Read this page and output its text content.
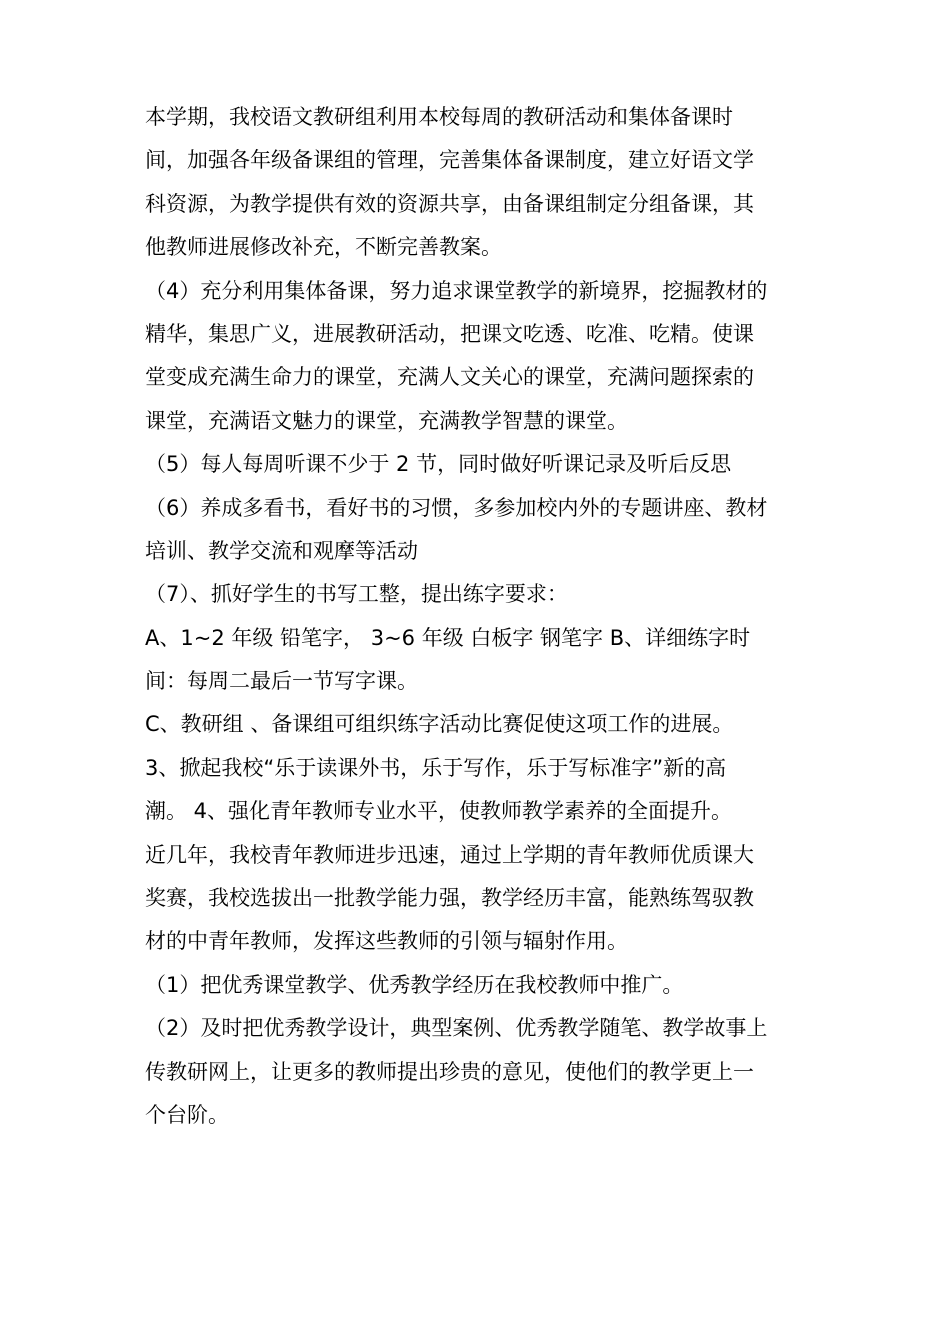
本学期，我校语文教研组利用本校每周的教研活动和集体备课时
间，加强各年级备课组的管理，完善集体备课制度，建立好语文学
科资源，为教学提供有效的资源共享，由备课组制定分组备课，其
他教师进展修改补充，不断完善教案。
（4）充分利用集体备课，努力追求课堂教学的新境界，挖掘教材的
精华，集思广义，进展教研活动，把课文吃透、吃准、吃精。使课
堂变成充满生命力的课堂，充满人文关心的课堂，充满问题探索的
课堂，充满语文魅力的课堂，充满教学智慧的课堂。
（5）每人每周听课不少于 2 节，同时做好听课记录及听后反思
（6）养成多看书，看好书的习惯，多参加校内外的专题讲座、教材
培训、教学交流和观摩等活动
（7）、抓好学生的书写工整，提出练字要求：
A、1~2 年级 铅笔字， 3~6 年级 白板字 钢笔字 B、详细练字时
间：每周二最后一节写字课。
C、教研组 、备课组可组织练字活动比赛促使这项工作的进展。
3、掀起我校“乐于读课外书，乐于写作，乐于写标准字”新的高
潮。 4、强化青年教师专业水平，使教师教学素养的全面提升。
近几年，我校青年教师进步迅速，通过上学期的青年教师优质课大
奖赛，我校选拔出一批教学能力强，教学经历丰富，能熟练驾驭教
材的中青年教师，发挥这些教师的引领与辐射作用。
（1）把优秀课堂教学、优秀教学经历在我校教师中推广。
（2）及时把优秀教学设计，典型案例、优秀教学随笔、教学故事上
传教研网上，让更多的教师提出珍贵的意见，使他们的教学更上一
个台阶。
